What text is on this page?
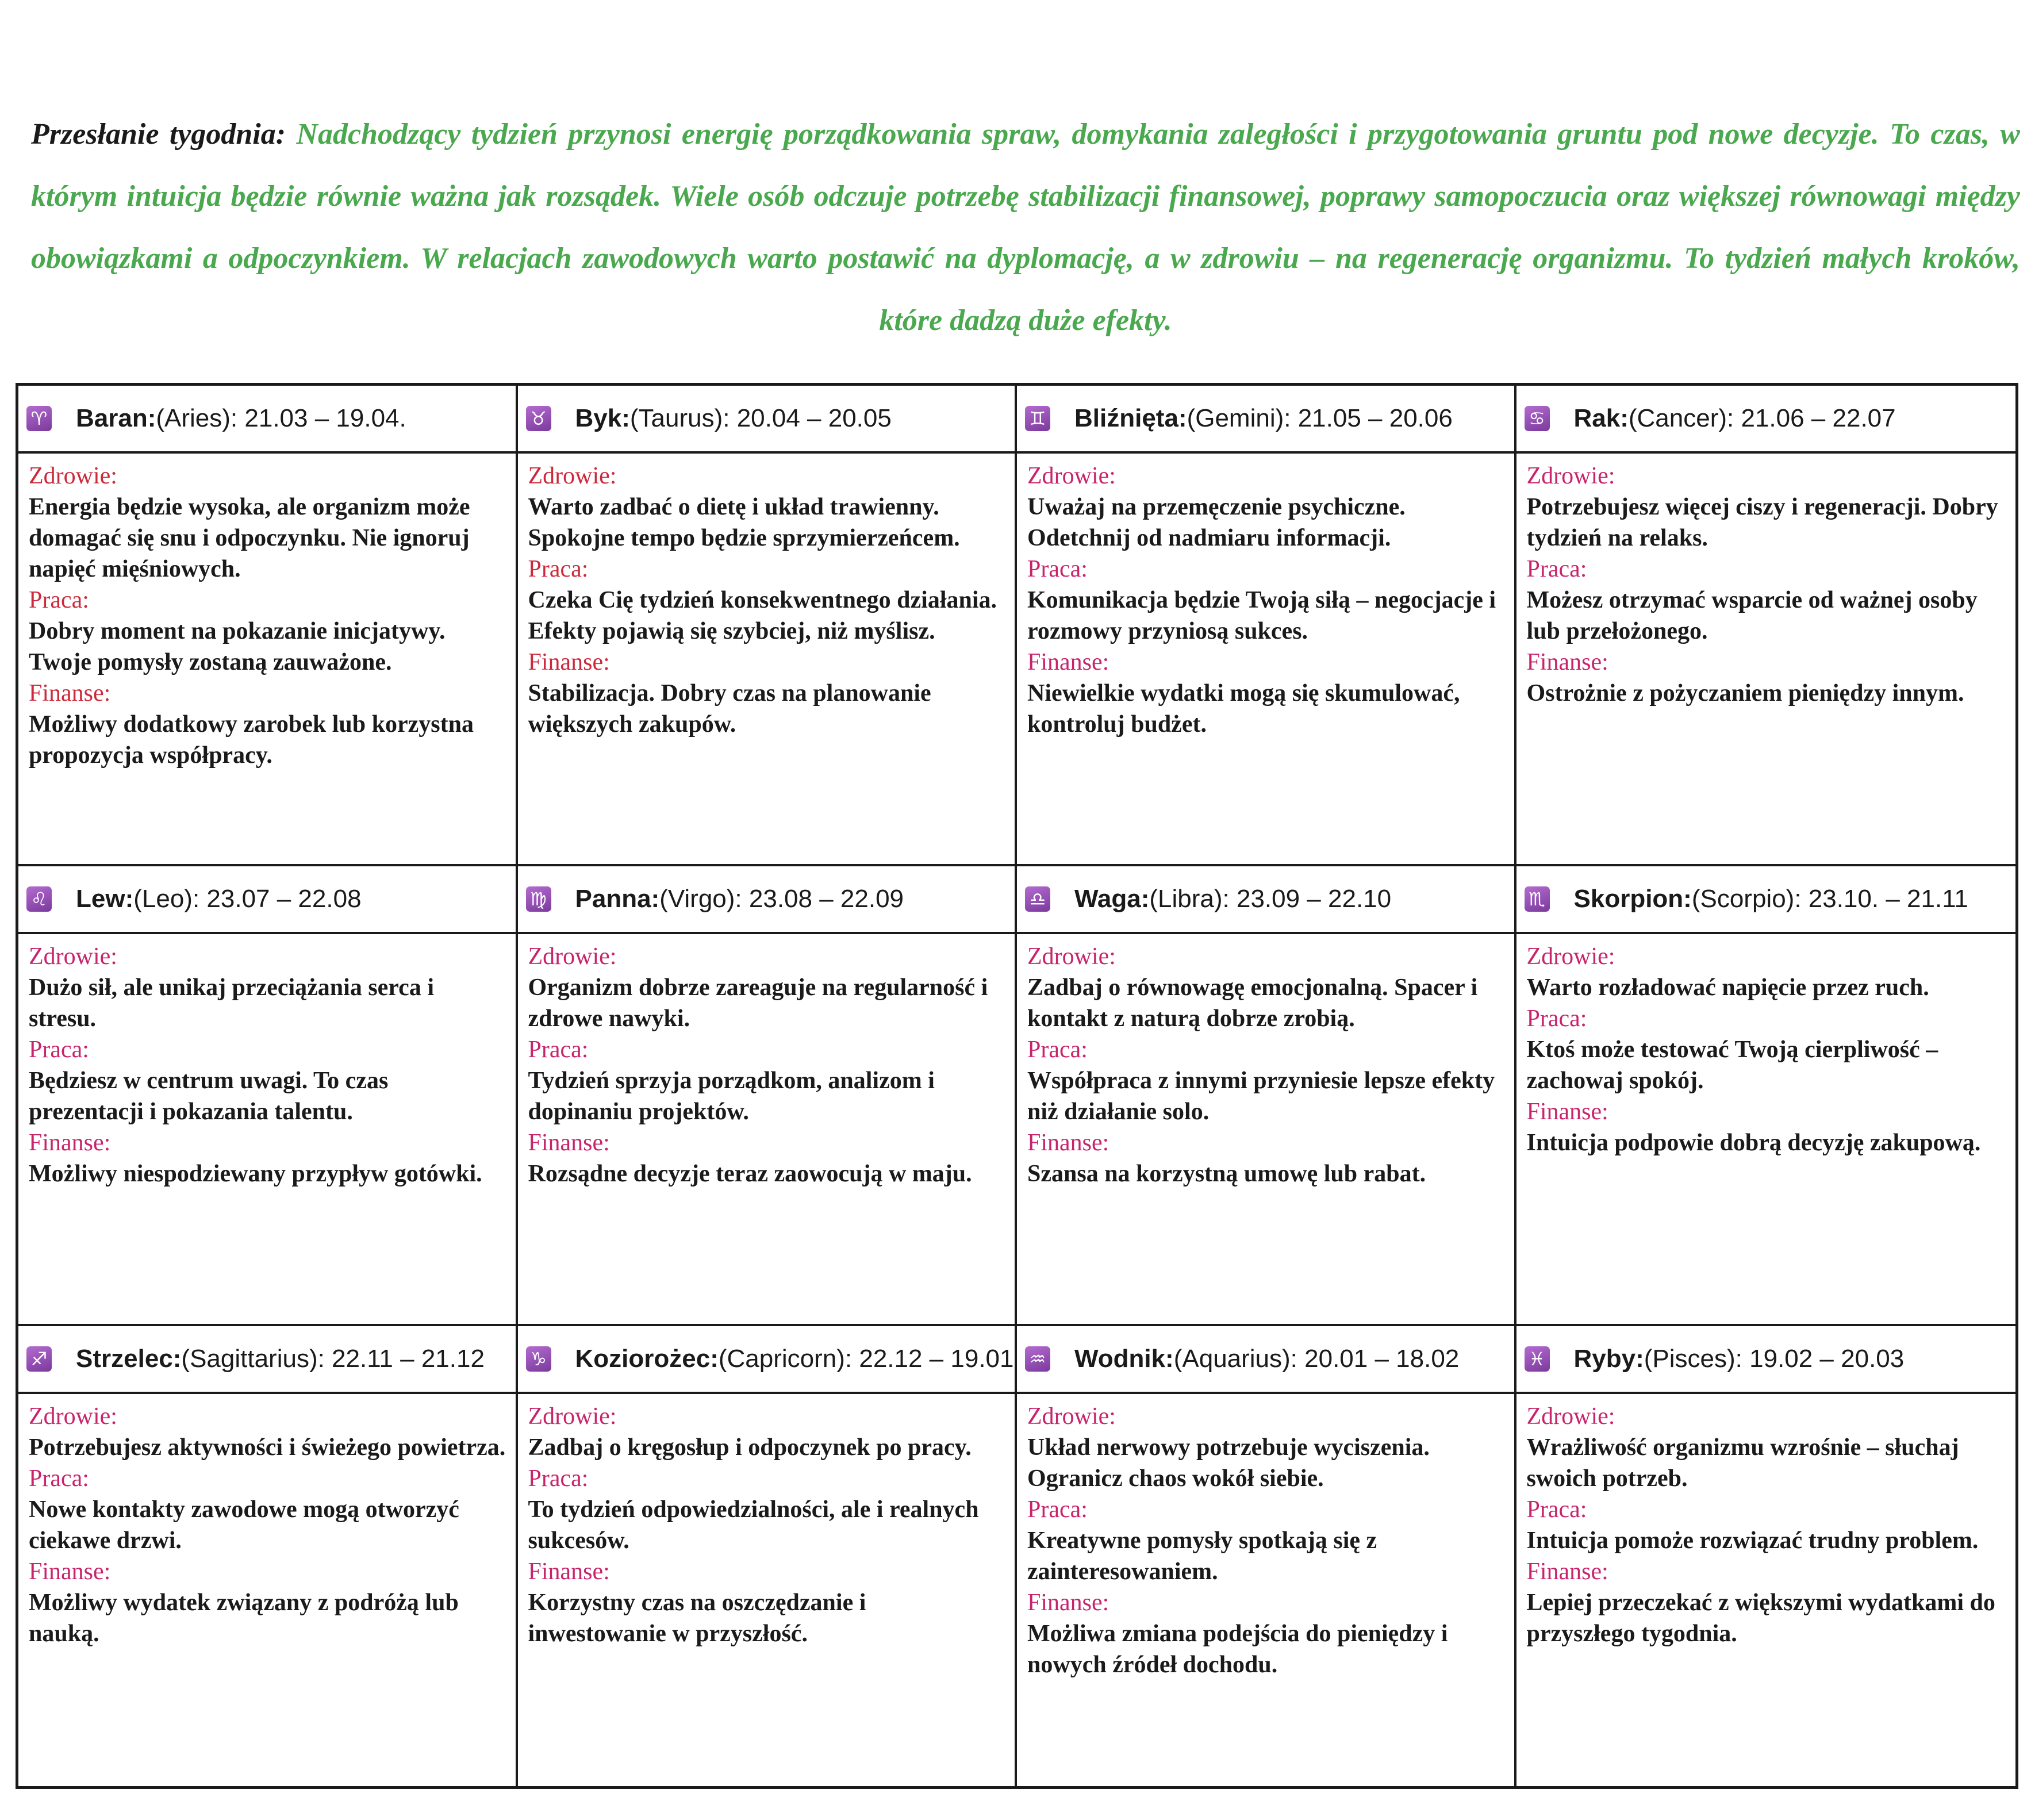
Przesłanie tygodnia: Nadchodzący tydzień przynosi energię porządkowania spraw, domykania zaległości i przygotowania gruntu pod nowe decyzje. To czas, w którym intuicja będzie równie ważna jak rozsądek. Wiele osób odczuje potrzebę stabilizacji finansowej, poprawy samopoczucia oraz większej równowagi między obowiązkami a odpoczynkiem. W relacjach zawodowych warto postawić na dyplomację, a w zdrowiu – na regenerację organizmu. To tydzień małych kroków, które dadzą duże efekty.

♈ Baran: (Aries): 21.03 – 19.04.
Zdrowie:
Energia będzie wysoka, ale organizm może domagać się snu i odpoczynku. Nie ignoruj napięć mięśniowych.
Praca:
Dobry moment na pokazanie inicjatywy. Twoje pomysły zostaną zauważone.
Finanse:
Możliwy dodatkowy zarobek lub korzystna propozycja współpracy.
♉ Byk: (Taurus): 20.04 – 20.05
Zdrowie:
Warto zadbać o dietę i układ trawienny. Spokojne tempo będzie sprzymierzeńcem.
Praca:
Czeka Cię tydzień konsekwentnego działania. Efekty pojawią się szybciej, niż myślisz.
Finanse:
Stabilizacja. Dobry czas na planowanie większych zakupów.
♊ Bliźnięta: (Gemini): 21.05 – 20.06
Zdrowie:
Uważaj na przemęczenie psychiczne. Odetchnij od nadmiaru informacji.
Praca:
Komunikacja będzie Twoją siłą – negocjacje i rozmowy przyniosą sukces.
Finanse:
Niewielkie wydatki mogą się skumulować, kontroluj budżet.
♋ Rak: (Cancer): 21.06 – 22.07
Zdrowie:
Potrzebujesz więcej ciszy i regeneracji. Dobry tydzień na relaks.
Praca:
Możesz otrzymać wsparcie od ważnej osoby lub przełożonego.
Finanse:
Ostrożnie z pożyczaniem pieniędzy innym.
♌ Lew: (Leo): 23.07 – 22.08
Zdrowie:
Dużo sił, ale unikaj przeciążania serca i stresu.
Praca:
Będziesz w centrum uwagi. To czas prezentacji i pokazania talentu.
Finanse:
Możliwy niespodziewany przypływ gotówki.
♍ Panna: (Virgo): 23.08 – 22.09
Zdrowie:
Organizm dobrze zareaguje na regularność i zdrowe nawyki.
Praca:
Tydzień sprzyja porządkom, analizom i dopinaniu projektów.
Finanse:
Rozsądne decyzje teraz zaowocują w maju.
♎ Waga: (Libra): 23.09 – 22.10
Zdrowie:
Zadbaj o równowagę emocjonalną. Spacer i kontakt z naturą dobrze zrobią.
Praca:
Współpraca z innymi przyniesie lepsze efekty niż działanie solo.
Finanse:
Szansa na korzystną umowę lub rabat.
♏ Skorpion: (Scorpio): 23.10. – 21.11
Zdrowie:
Warto rozładować napięcie przez ruch.
Praca:
Ktoś może testować Twoją cierpliwość – zachowaj spokój.
Finanse:
Intuicja podpowie dobrą decyzję zakupową.
♐ Strzelec: (Sagittarius): 22.11 – 21.12
Zdrowie:
Potrzebujesz aktywności i świeżego powietrza.
Praca:
Nowe kontakty zawodowe mogą otworzyć ciekawe drzwi.
Finanse:
Możliwy wydatek związany z podróżą lub nauką.
♑ Koziorożec: (Capricorn): 22.12 – 19.01
Zdrowie:
Zadbaj o kręgosłup i odpoczynek po pracy.
Praca:
To tydzień odpowiedzialności, ale i realnych sukcesów.
Finanse:
Korzystny czas na oszczędzanie i inwestowanie w przyszłość.
♒ Wodnik: (Aquarius): 20.01 – 18.02
Zdrowie:
Układ nerwowy potrzebuje wyciszenia. Ogranicz chaos wokół siebie.
Praca:
Kreatywne pomysły spotkają się z zainteresowaniem.
Finanse:
Możliwa zmiana podejścia do pieniędzy i nowych źródeł dochodu.
♓ Ryby: (Pisces): 19.02 – 20.03
Zdrowie:
Wrażliwość organizmu wzrośnie – słuchaj swoich potrzeb.
Praca:
Intuicja pomoże rozwiązać trudny problem.
Finanse:
Lepiej przeczekać z większymi wydatkami do przyszłego tygodnia.
